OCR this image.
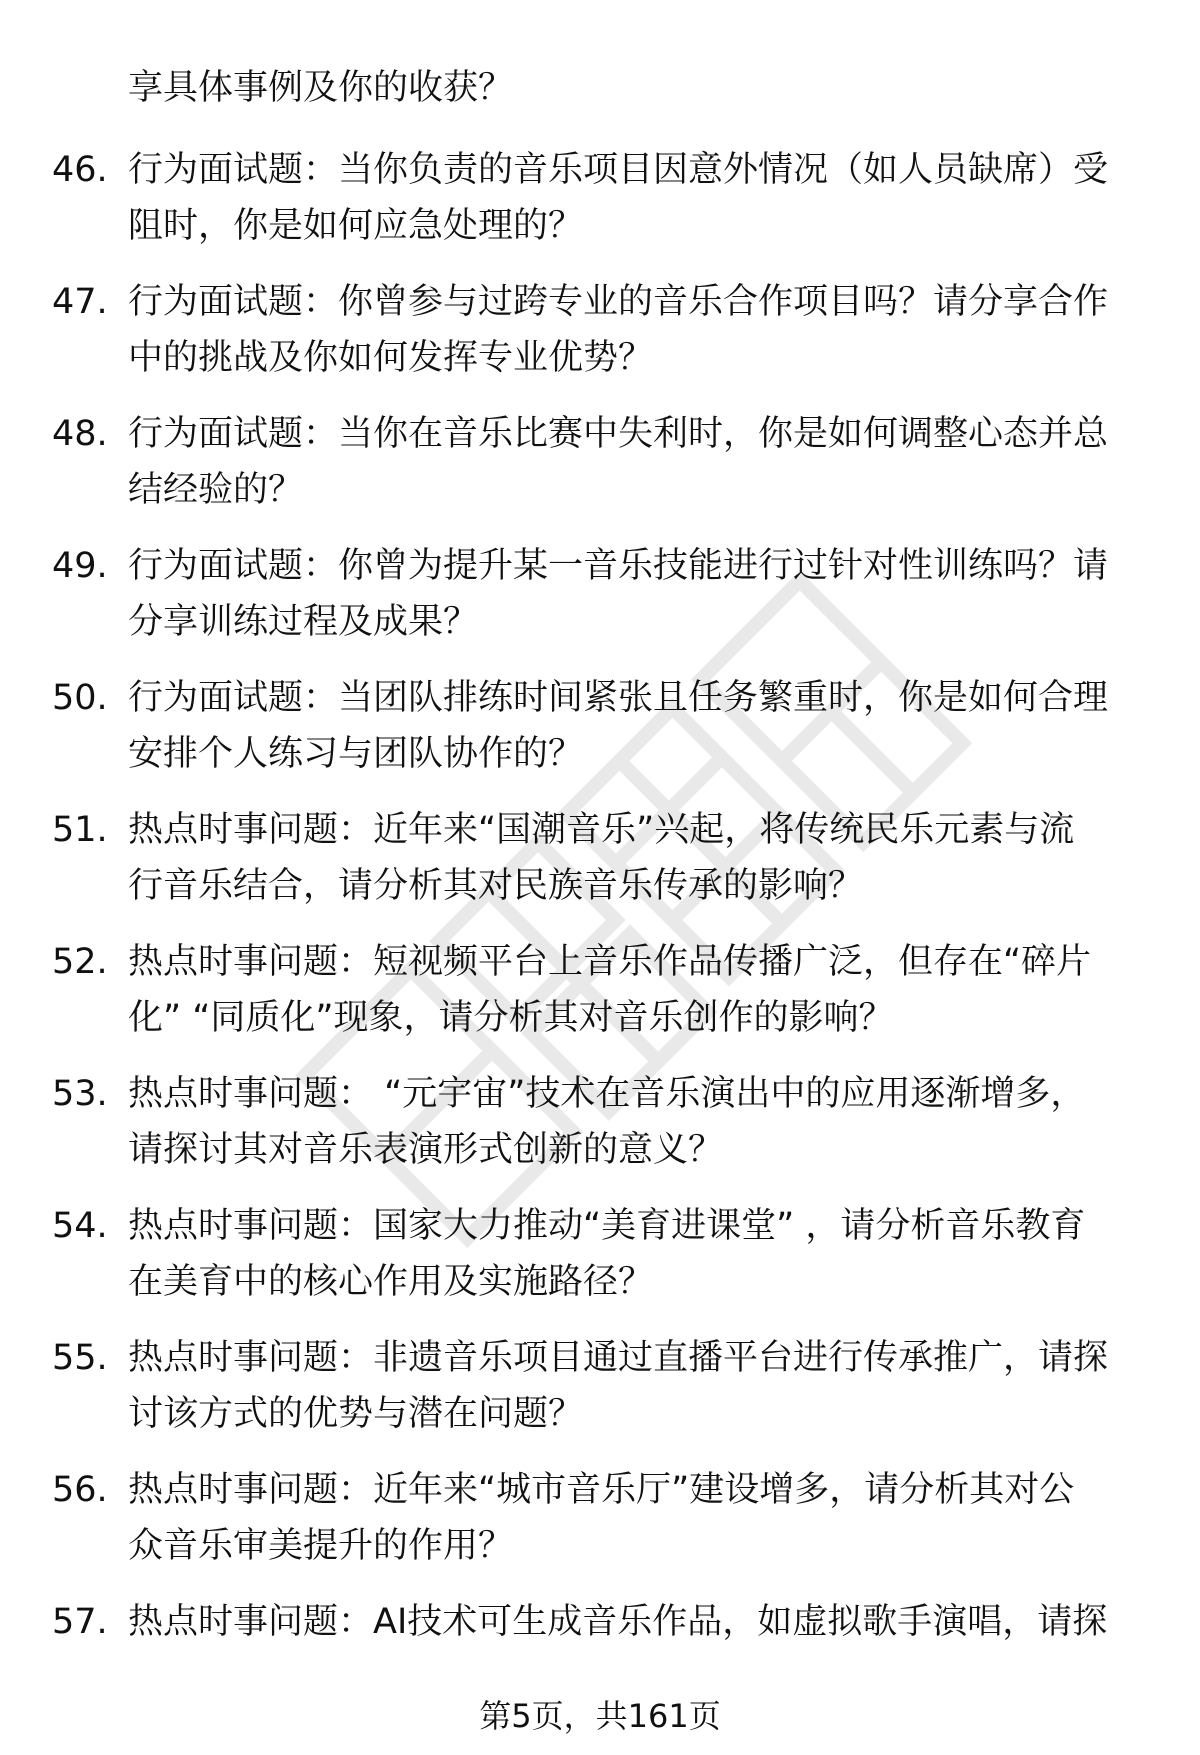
享具体事例及你的收获？
46. 行为面试题：当你负责的音乐项目因意外情况（如人员缺席）受
阻时，你是如何应急处理的？
47. 行为面试题：你曾参与过跨专业的音乐合作项目吗？请分享合作
中的挑战及你如何发挥专业优势？
48. 行为面试题：当你在音乐比赛中失利时，你是如何调整心态并总
结经验的？
49. 行为面试题：你曾为提升某一音乐技能进行过针对性训练吗？请
分享训练过程及成果？
50. 行为面试题：当团队排练时间紧张且任务繁重时，你是如何合理
安排个人练习与团队协作的？
51. 热点时事问题：近年来“国潮音乐”兴起，将传统民乐元素与流
行音乐结合，请分析其对民族音乐传承的影响？
52. 热点时事问题：短视频平台上音乐作品传播广泛，但存在“碎片
化” “同质化”现象，请分析其对音乐创作的影响？
53. 热点时事问题： “元宇宙”技术在音乐演出中的应用逐渐增多，
请探讨其对音乐表演形式创新的意义？
54. 热点时事问题：国家大力推动“美育进课堂” ，请分析音乐教育
在美育中的核心作用及实施路径？
55. 热点时事问题：非遗音乐项目通过直播平台进行传承推广，请探
讨该方式的优势与潜在问题？
56. 热点时事问题：近年来“城市音乐厅”建设增多，请分析其对公
众音乐审美提升的作用？
57. 热点时事问题：AI技术可生成音乐作品，如虚拟歌手演唱，请探
第5页，共161页
